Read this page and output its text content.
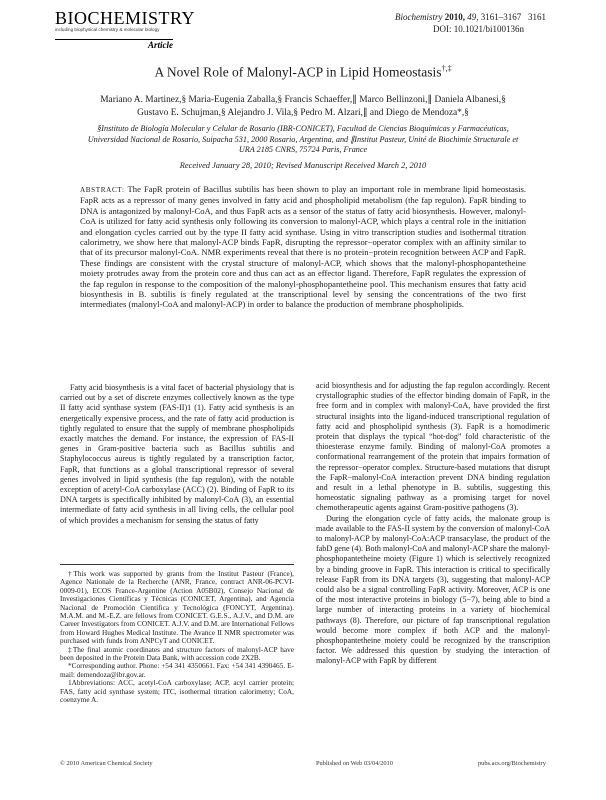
BIOCHEMISTRY
including biophysical chemistry & molecular biology
Article
Biochemistry 2010, 49, 3161–3167 3161
DOI: 10.1021/bi100136n
A Novel Role of Malonyl-ACP in Lipid Homeostasis†,‡
Mariano A. Martinez,§ Maria-Eugenia Zaballa,§ Francis Schaeffer,∥ Marco Bellinzoni,∥ Daniela Albanesi,§
Gustavo E. Schujman,§ Alejandro J. Vila,§ Pedro M. Alzari,∥ and Diego de Mendoza*,§
§Instituto de Biología Molecular y Celular de Rosario (IBR-CONICET), Facultad de Ciencias Bioquímicas y Farmacéuticas,
Universidad Nacional de Rosario, Suipacha 531, 2000 Rosario, Argentina, and ∥Institut Pasteur, Unité de Biochimie Structurale et
URA 2185 CNRS, 75724 Paris, France
Received January 28, 2010; Revised Manuscript Received March 2, 2010
ABSTRACT: The FapR protein of Bacillus subtilis has been shown to play an important role in membrane lipid homeostasis. FapR acts as a repressor of many genes involved in fatty acid and phospholipid metabolism (the fap regulon). FapR binding to DNA is antagonized by malonyl-CoA, and thus FapR acts as a sensor of the status of fatty acid biosynthesis. However, malonyl-CoA is utilized for fatty acid synthesis only following its conversion to malonyl-ACP, which plays a central role in the initiation and elongation cycles carried out by the type II fatty acid synthase. Using in vitro transcription studies and isothermal titration calorimetry, we show here that malonyl-ACP binds FapR, disrupting the repressor−operator complex with an affinity similar to that of its precursor malonyl-CoA. NMR experiments reveal that there is no protein−protein recognition between ACP and FapR. These findings are consistent with the crystal structure of malonyl-ACP, which shows that the malonyl-phosphopantetheine moiety protrudes away from the protein core and thus can act as an effector ligand. Therefore, FapR regulates the expression of the fap regulon in response to the composition of the malonyl-phosphopantetheine pool. This mechanism ensures that fatty acid biosynthesis in B. subtilis is finely regulated at the transcriptional level by sensing the concentrations of the two first intermediates (malonyl-CoA and malonyl-ACP) in order to balance the production of membrane phospholipids.

Fatty acid biosynthesis is a vital facet of bacterial physiology that is carried out by a set of discrete enzymes collectively known as the type II fatty acid synthase system (FAS-II)1 (1). Fatty acid synthesis is an energetically expensive process, and the rate of fatty acid production is tightly regulated to ensure that the supply of membrane phospholipids exactly matches the demand. For instance, the expression of FAS-II genes in Gram-positive bacteria such as Bacillus subtilis and Staphylococcus aureus is tightly regulated by a transcription factor, FapR, that functions as a global transcriptional repressor of several genes involved in lipid synthesis (the fap regulon), with the notable exception of acetyl-CoA carboxylase (ACC) (2). Binding of FapR to its DNA targets is specifically inhibited by malonyl-CoA (3), an essential intermediate of fatty acid synthesis in all living cells, the cellular pool of which provides a mechanism for sensing the status of fatty

†This work was supported by grants from the Institut Pasteur (France), Agence Nationale de la Recherche (ANR, France, contract ANR-06-PCVI-0009-01), ECOS France-Argentine (Action A05B02), Consejo Nacional de Investigaciones Científicas y Técnicas (CONICET, Argentina), and Agencia Nacional de Promoción Científica y Tecnológica (FONCYT, Argentina). M.A.M. and M.-E.Z. are fellows from CONICET. G.E.S., A.J.V., and D.M. are Career Investigators from CONICET. A.J.V. and D.M. are International Fellows from Howard Hughes Medical Institute. The Avance II NMR spectrometer was purchased with funds from ANPCyT and CONICET.

‡The final atomic coordinates and structure factors of malonyl-ACP have been deposited in the Protein Data Bank, with accession code 2X2B.

*Corresponding author. Phone: +54 341 4350661. Fax: +54 341 4390465. E-mail: demendoza@ibr.gov.ar.

1Abbreviations: ACC, acetyl-CoA carboxylase; ACP, acyl carrier protein; FAS, fatty acid synthase system; ITC, isothermal titration calorimetry; CoA, coenzyme A.

acid biosynthesis and for adjusting the fap regulon accordingly. Recent crystallographic studies of the effector binding domain of FapR, in the free form and in complex with malonyl-CoA, have provided the first structural insights into the ligand-induced transcriptional regulation of fatty acid and phospholipid synthesis (3). FapR is a homodimeric protein that displays the typical “hot-dog” fold characteristic of the thioesterase enzyme family. Binding of malonyl-CoA promotes a conformational rearrangement of the protein that impairs formation of the repressor−operator complex. Structure-based mutations that disrupt the FapR−malonyl-CoA interaction prevent DNA binding regulation and result in a lethal phenotype in B. subtilis, suggesting this homeostatic signaling pathway as a promising target for novel chemotherapeutic agents against Gram-positive pathogens (3).

During the elongation cycle of fatty acids, the malonate group is made available to the FAS-II system by the conversion of malonyl-CoA to malonyl-ACP by malonyl-CoA:ACP transacylase, the product of the fabD gene (4). Both malonyl-CoA and malonyl-ACP share the malonyl-phosphopantetheine moiety (Figure 1) which is selectively recognized by a binding groove in FapR. This interaction is critical to specifically release FapR from its DNA targets (3), suggesting that malonyl-ACP could also be a signal controlling FapR activity. Moreover, ACP is one of the most interactive proteins in biology (5−7), being able to bind a large number of interacting proteins in a variety of biochemical pathways (8). Therefore, our picture of fap transcriptional regulation would become more complex if both ACP and the malonyl-phosphopantetheine moiety could be recognized by the transcription factor. We addressed this question by studying the interaction of malonyl-ACP with FapR by different

© 2010 American Chemical Society	Published on Web 03/04/2010	pubs.acs.org/Biochemistry
